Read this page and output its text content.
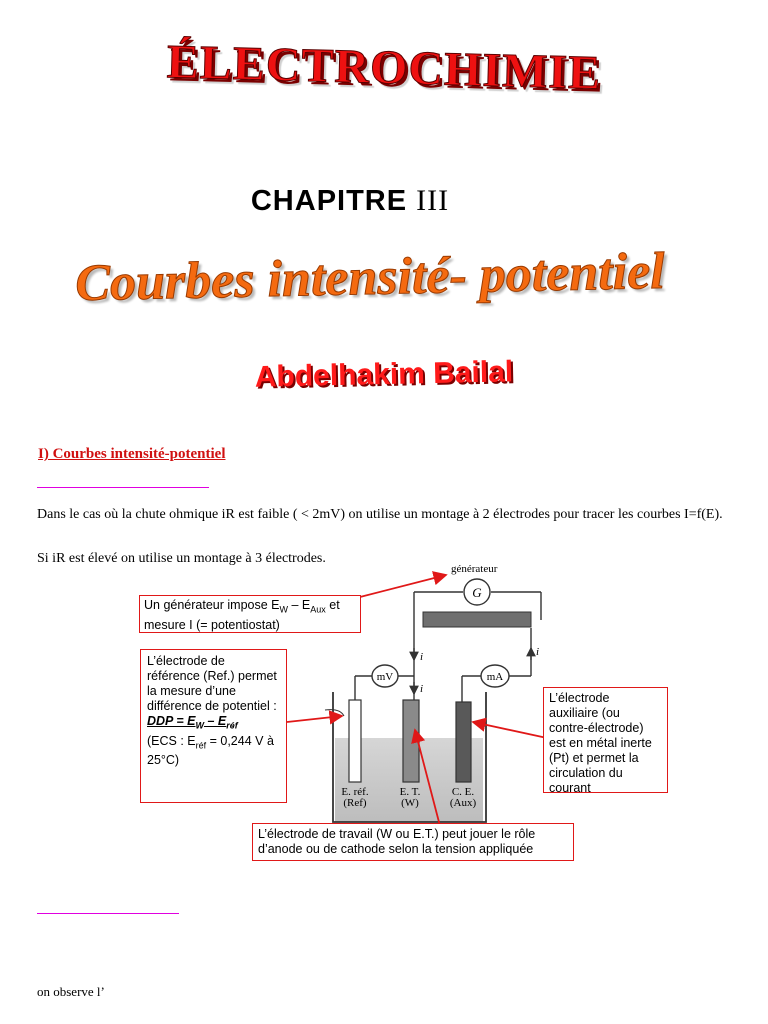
ÉLECTROCHIMIE
CHAPITRE III
Courbes intensité- potentiel
Abdelhakim Bailal
I) Courbes intensité-potentiel
Dans le cas où la chute ohmique iR est faible ( < 2mV) on utilise un montage à 2 électrodes pour tracer les courbes I=f(E).
Si iR est élevé on utilise un montage à 3 électrodes.
G
mV	mA
i	i
i
E. réf.
(Ref)
E. T.
(W)
C. E.
(Aux)
générateur
Un générateur impose $E_W - E_{Aux}$ et
mesure I (= potentiostat)
L’électrode de référence (Ref.) permet la mesure d’une différence de potentiel :
DDP = $E_W - E_{réf}$
(ECS : $E_{réf} = 0,244$ V à 25°C)
L’électrode auxiliaire (ou contre-électrode) est en métal inerte (Pt) et permet la circulation du courant
L’électrode de travail (W ou E.T.) peut jouer le rôle d’anode ou de cathode selon la tension appliquée
on observe l’
